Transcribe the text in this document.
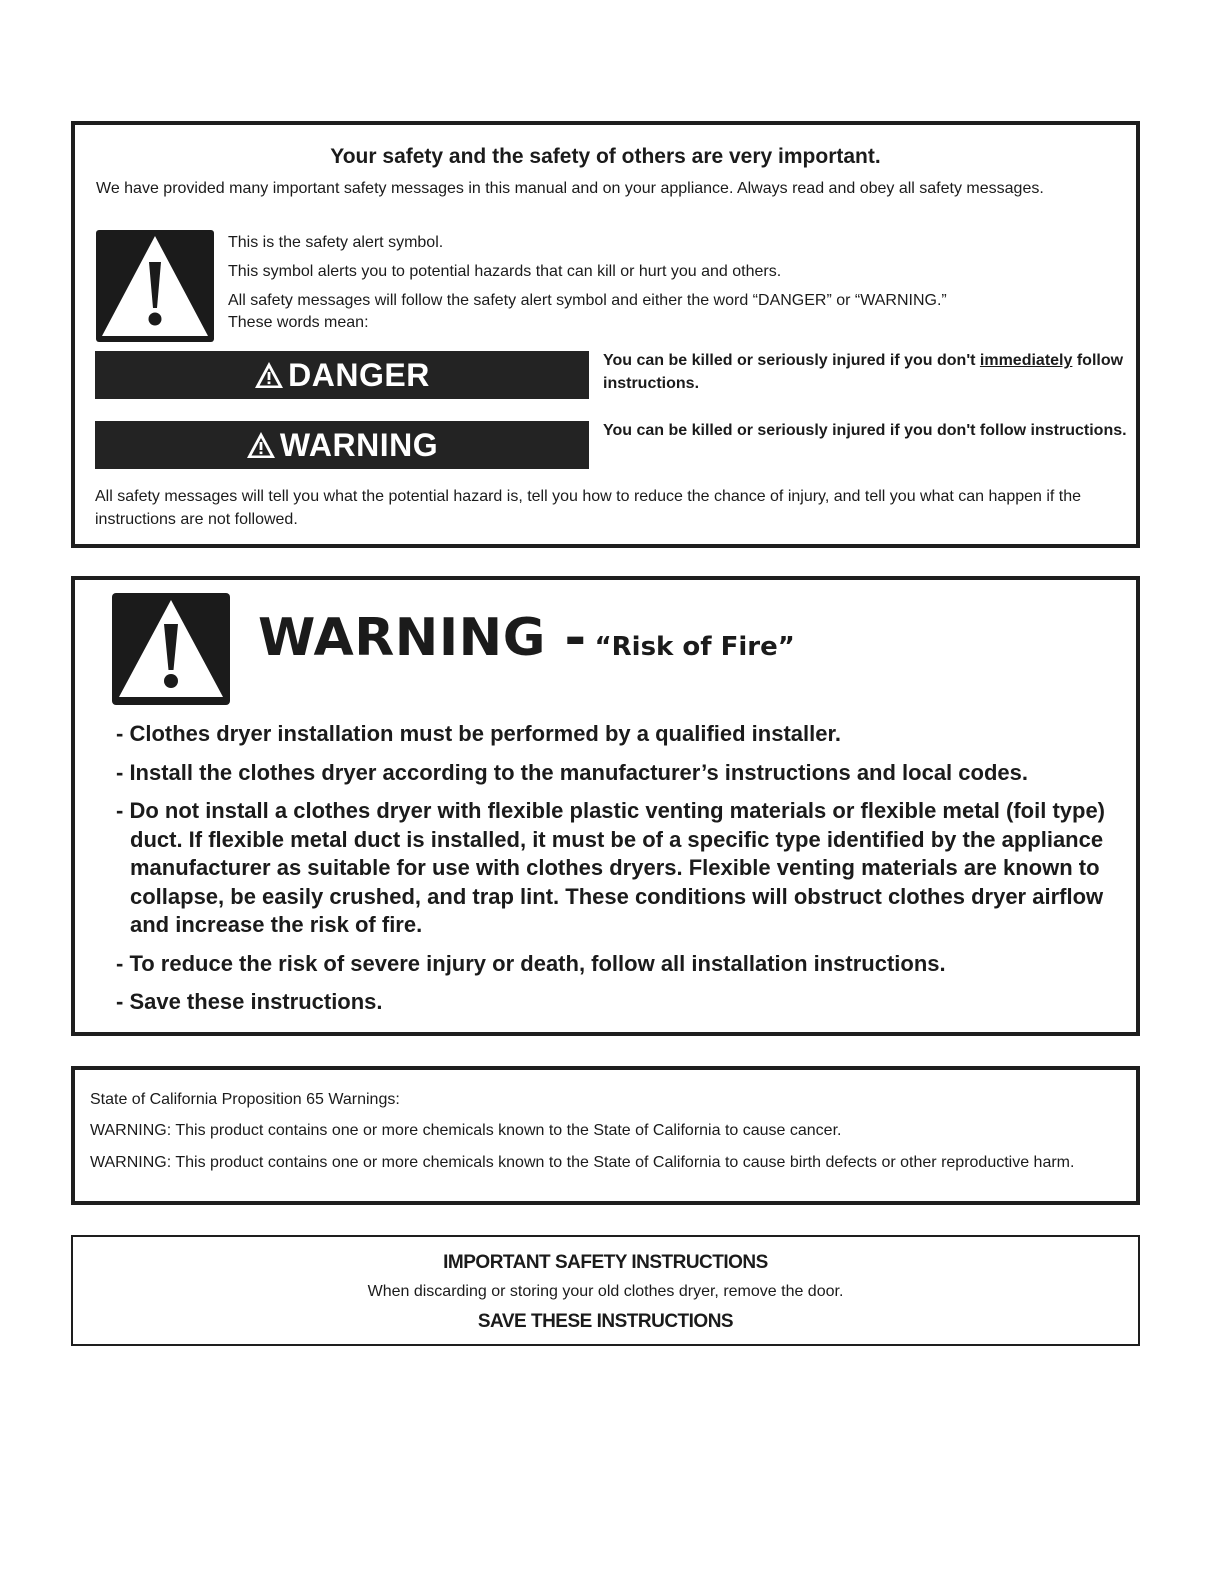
Your safety and the safety of others are very important.
We have provided many important safety messages in this manual and on your appliance. Always read and obey all safety messages.
This is the safety alert symbol.
This symbol alerts you to potential hazards that can kill or hurt you and others.
All safety messages will follow the safety alert symbol and either the word “DANGER” or “WARNING.”
These words mean:
DANGER	You can be killed or seriously injured if you don't immediately follow instructions.
WARNING	You can be killed or seriously injured if you don't follow instructions.
All safety messages will tell you what the potential hazard is, tell you how to reduce the chance of injury, and tell you what can happen if the instructions are not followed.
WARNING - “Risk of Fire”
- Clothes dryer installation must be performed by a qualified installer.
- Install the clothes dryer according to the manufacturer’s instructions and local codes.
- Do not install a clothes dryer with flexible plastic venting materials or flexible metal (foil type) duct. If flexible metal duct is installed, it must be of a specific type identified by the appliance manufacturer as suitable for use with clothes dryers. Flexible venting materials are known to collapse, be easily crushed, and trap lint. These conditions will obstruct clothes dryer airflow and increase the risk of fire.
- To reduce the risk of severe injury or death, follow all installation instructions.
- Save these instructions.
State of California Proposition 65 Warnings:
WARNING: This product contains one or more chemicals known to the State of California to cause cancer.
WARNING: This product contains one or more chemicals known to the State of California to cause birth defects or other reproductive harm.
IMPORTANT SAFETY INSTRUCTIONS
When discarding or storing your old clothes dryer, remove the door.
SAVE THESE INSTRUCTIONS
